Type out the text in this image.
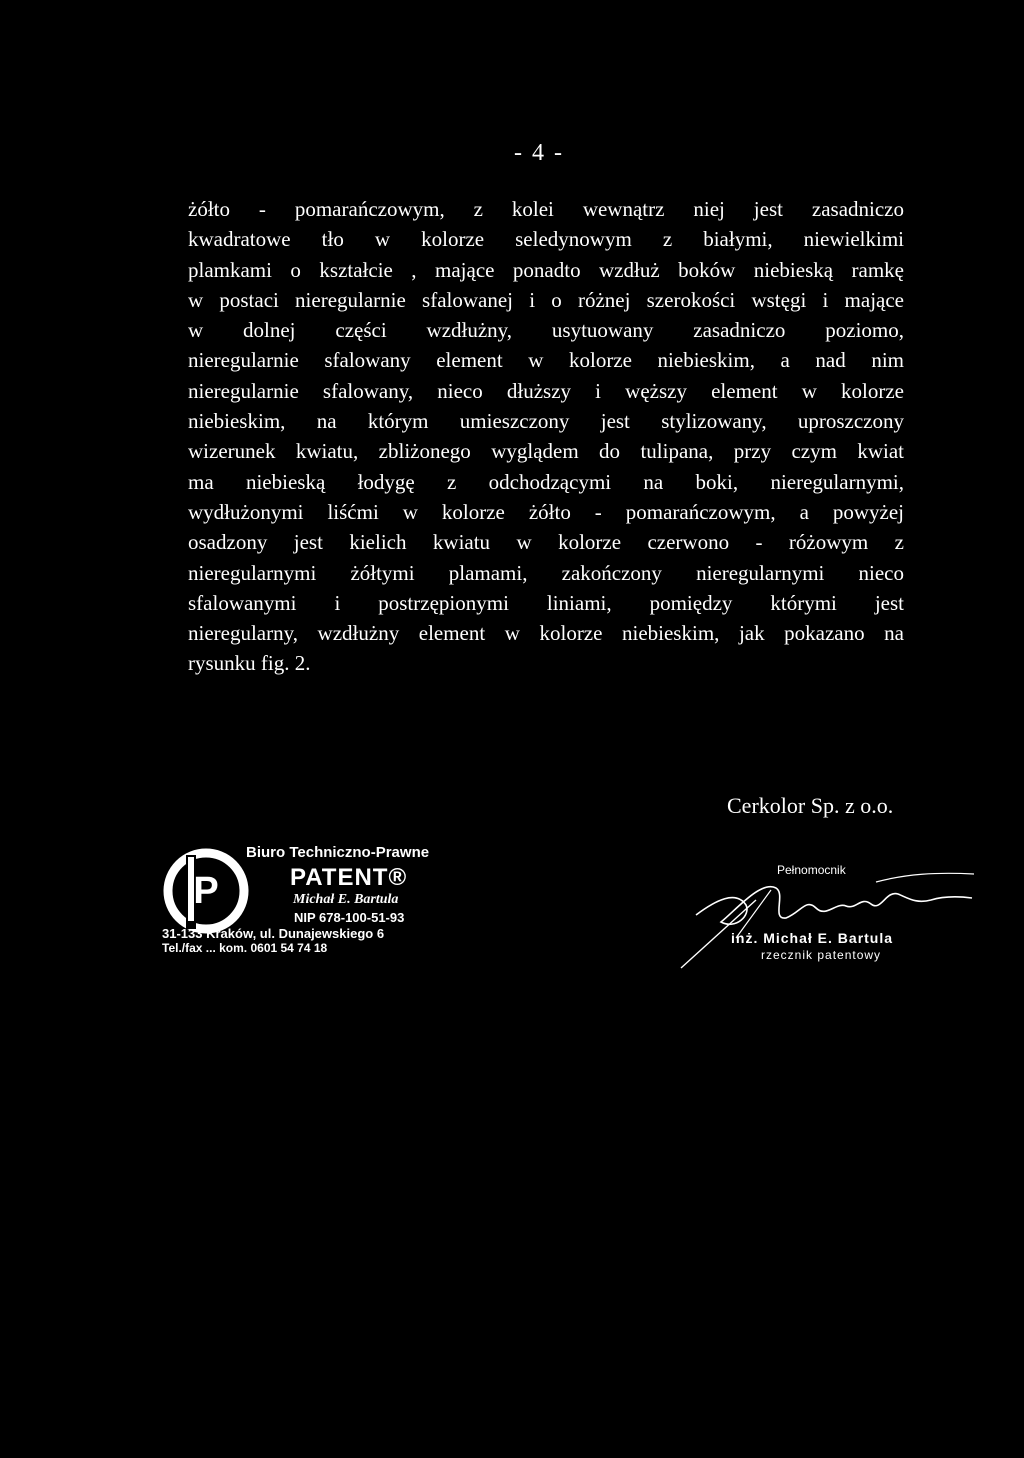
- 4 -
żółto - pomarańczowym, z kolei wewnątrz niej jest zasadniczo
kwadratowe tło w kolorze seledynowym z białymi, niewielkimi
plamkami o kształcie , mające ponadto wzdłuż boków niebieską ramkę
w postaci nieregularnie sfalowanej i o różnej szerokości wstęgi i mające
w dolnej części wzdłużny, usytuowany zasadniczo poziomo,
nieregularnie sfalowany element w kolorze niebieskim, a nad nim
nieregularnie sfalowany, nieco dłuższy i węższy element w kolorze
niebieskim, na którym umieszczony jest stylizowany, uproszczony
wizerunek kwiatu, zbliżonego wyglądem do tulipana, przy czym kwiat
ma niebieską łodygę z odchodzącymi na boki, nieregularnymi,
wydłużonymi liśćmi w kolorze żółto - pomarańczowym, a powyżej
osadzony jest kielich kwiatu w kolorze czerwono - różowym z
nieregularnymi żółtymi plamami, zakończony nieregularnymi nieco
sfalowanymi i postrzępionymi liniami, pomiędzy którymi jest
nieregularny, wzdłużny element w kolorze niebieskim, jak pokazano na
rysunku fig. 2.
Cerkolor Sp. z o.o.
P
Biuro Techniczno-Prawne
PATENT®
Michał E. Bartula
NIP 678-100-51-93
31-133 Kraków, ul. Dunajewskiego 6
Tel./fax ... kom. 0601 54 74 18
Pełnomocnik
inż. Michał E. Bartula
rzecznik patentowy
